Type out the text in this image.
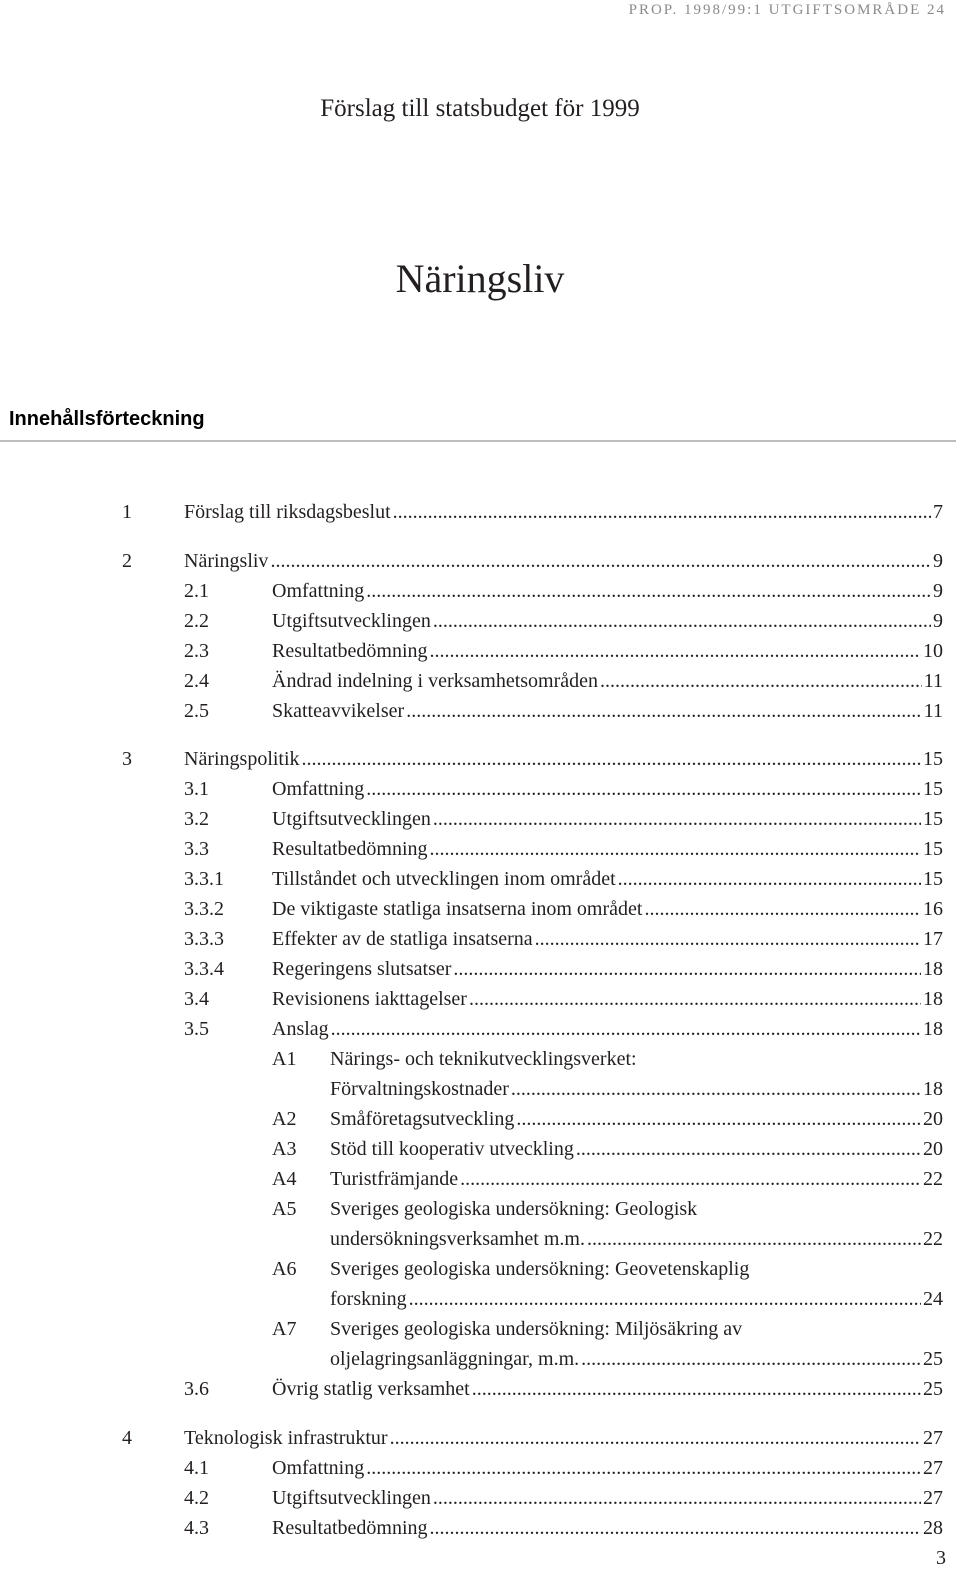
PROP. 1998/99:1 UTGIFTSOMRÅDE 24
Förslag till statsbudget för 1999
Näringsliv
Innehållsförteckning
1	Förslag till riksdagsbeslut .....	7
2	Näringsliv .....	9
2.1	Omfattning .....	9
2.2	Utgiftsutvecklingen .....	9
2.3	Resultatbedömning .....	10
2.4	Ändrad indelning i verksamhetsområden .....	11
2.5	Skatteavvikelser .....	11
3	Näringspolitik .....	15
3.1	Omfattning .....	15
3.2	Utgiftsutvecklingen .....	15
3.3	Resultatbedömning .....	15
3.3.1 Tillståndet och utvecklingen inom området .....	15
3.3.2 De viktigaste statliga insatserna inom området .....	16
3.3.3 Effekter av de statliga insatserna .....	17
3.3.4 Regeringens slutsatser .....	18
3.4	Revisionens iakttagelser .....	18
3.5	Anslag .....	18
A1 Närings- och teknikutvecklingsverket:
Förvaltningskostnader .....	18
A2 Småföretagsutveckling .....	20
A3 Stöd till kooperativ utveckling .....	20
A4 Turistfrämjande .....	22
A5 Sveriges geologiska undersökning: Geologisk
undersökningsverksamhet m.m. .....	22
A6 Sveriges geologiska undersökning: Geovetenskaplig
forskning .....	24
A7 Sveriges geologiska undersökning: Miljösäkring av
oljelagringsanläggningar, m.m. .....	25
3.6	Övrig statlig verksamhet .....	25
4	Teknologisk infrastruktur .....	27
4.1	Omfattning .....	27
4.2	Utgiftsutvecklingen .....	27
4.3	Resultatbedömning .....	28
3
